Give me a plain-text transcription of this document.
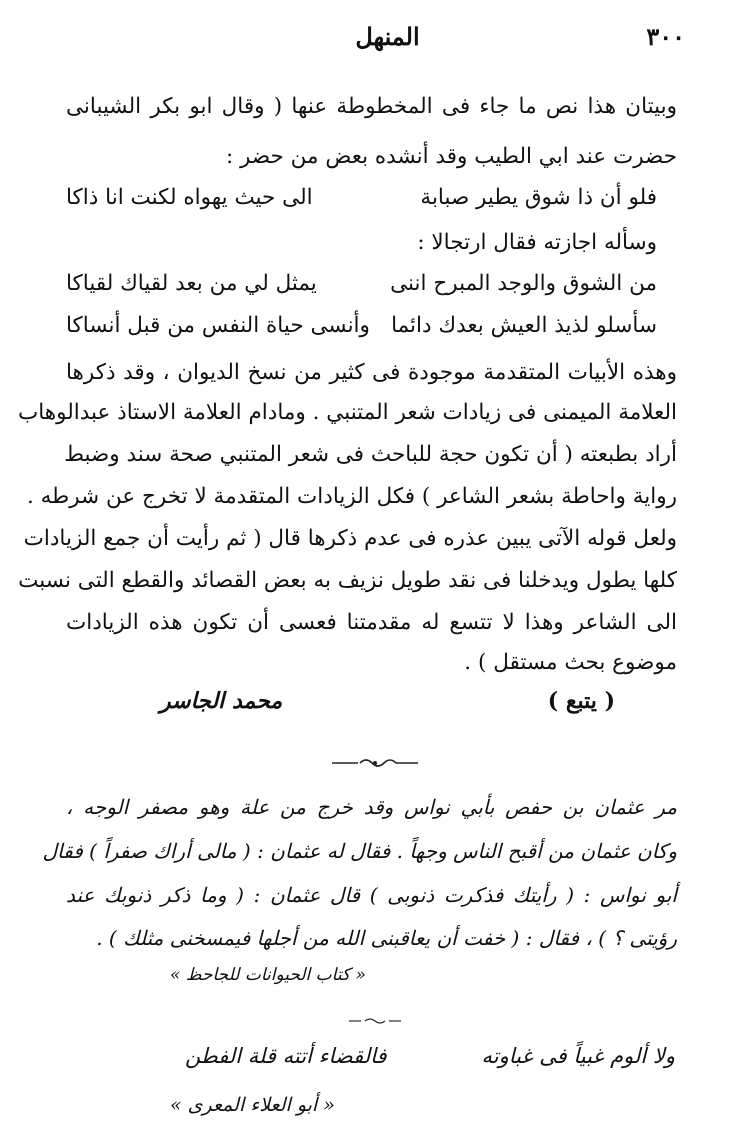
٣٠٠
المنهل
وبيتان هذا نص ما جاء فى المخطوطة عنها ( وقال ابو بكر الشيبانى
حضرت عند ابي الطيب وقد أنشده بعض من حضر :
فلو أن ذا شوق يطير صبابة
الى حيث يهواه لكنت انا ذاكا
وسأله اجازته فقال ارتجالا :
من الشوق والوجد المبرح اننى
يمثل لي من بعد لقياك لقياكا
سأسلو لذيذ العيش بعدك دائما
وأنسى حياة النفس من قبل أنساكا
وهذه الأبيات المتقدمة موجودة فى كثير من نسخ الديوان ، وقد ذكرها
العلامة الميمنى فى زيادات شعر المتنبي . ومادام العلامة الاستاذ عبدالوهاب
أراد بطبعته ( أن تكون حجة للباحث فى شعر المتنبي صحة سند وضبط
رواية واحاطة بشعر الشاعر ) فكل الزيادات المتقدمة لا تخرج عن شرطه .
ولعل قوله الآتى يبين عذره فى عدم ذكرها قال ( ثم رأيت أن جمع الزيادات
كلها يطول ويدخلنا فى نقد طويل نزيف به بعض القصائد والقطع التى نسبت
الى الشاعر وهذا لا تتسع له مقدمتنا فعسى أن تكون هذه الزيادات
موضوع بحث مستقل ) .
( يتبع )
محمد الجاسر
مر عثمان بن حفص بأبي نواس وقد خرج من علة وهو مصفر الوجه ،
وكان عثمان من أقبح الناس وجهاً . فقال له عثمان : ( مالى أراك صفراً ) فقال
أبو نواس : ( رأيتك فذكرت ذنوبى ) قال عثمان : ( وما ذكر ذنوبك عند
رؤيتى ؟ ) ، فقال : ( خفت أن يعاقبنى الله من أجلها فيمسخنى مثلك ) .
« كتاب الحيوانات للجاحظ »
ولا ألوم غبياً فى غباوته
فالقضاء أتته قلة الفطن
« أبو العلاء المعرى »
